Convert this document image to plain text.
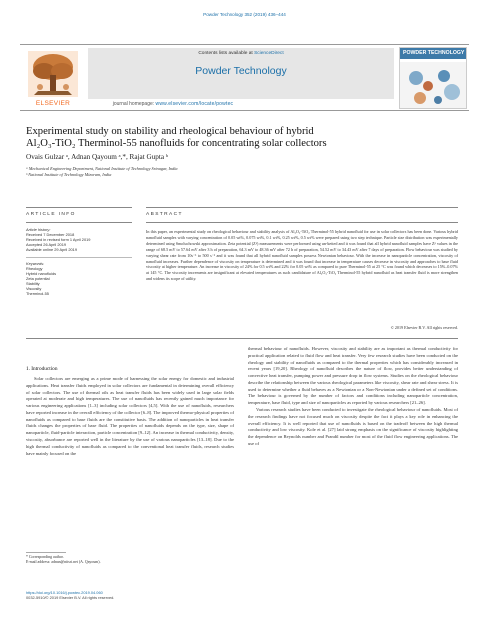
Powder Technology 352 (2019) 436–444
ELSEVIER
Contents lists available at ScienceDirect
Powder Technology
journal homepage: www.elsevier.com/locate/powtec
POWDER TECHNOLOGY
Experimental study on stability and rheological behaviour of hybrid
Al₂O₃-TiO₂ Therminol-55 nanofluids for concentrating solar collectors
Ovais Gulzar ᵃ, Adnan Qayoum ᵃ,*, Rajat Gupta ᵇ
ᵃ Mechanical Engineering Department, National Institute of Technology Srinagar, India
ᵇ National Institute of Technology Mizoram, India
ARTICLE INFO	ABSTRACT
Article history:
Received 7 December 2018
Received in revised form 1 April 2019
Accepted 26 April 2019
Available online 29 April 2019
Keywords:
Rheology
Hybrid nanofluids
Zeta potential
Stability
Viscosity
Therminol-55
In this paper, an experimental study on rheological behaviour and stability analysis of Al₂O₃-TiO₂ Therminol-55 hybrid nanofluid for use in solar collectors has been done. Various hybrid nanofluid samples with varying concentration of 0.05 wt%, 0.075 wt%, 0.1 wt%, 0.25 wt%, 0.5 wt% were prepared using two step technique. Particle size distribution was experimentally determined using Smoluchowski approximation. Zeta potential (Zᵖ) measurements were performed using un-ketted and it was found that all hybrid nanofluid samples have Zᵖ values in the range of 68.5 mV to 57.64 mV after 3 h of preparation, 64.3 mV to 48.36 mV after 72 h of preparation, 54.52 mV to 34.43 mV after 7 days of preparation. Flow behaviour was studied by varying shear rate from 10s⁻¹ to 500 s⁻¹ and it was found that all hybrid nanofluid samples possess Newtonian behaviour. With the increase in nanoparticle concentration, viscosity of nanofluid increases. Further dependence of viscosity on temperature is determined and it was found that increase in temperature causes decrease in viscosity and approaches to base fluid viscosity at higher temperature. An increase in viscosity of 24% for 0.5 wt% and 22% for 0.05 wt% as compared to pure Therminol-55 at 25 °C was found which decreases to 15%–0.07% at 145 °C. The viscosity increments are insignificant at elevated temperatures as such candidature of Al₂O₃-TiO₂ Therminol-55 hybrid nanofluid as heat transfer fluid is more strengthen and widens its scope of utility.
© 2019 Elsevier B.V. All rights reserved.
1. Introduction

Solar collectors are emerging as a prime mode of harnessing the solar energy for domestic and industrial applications. Heat transfer fluids employed in solar collectors are fundamental in determining overall efficiency of solar collectors. The use of thermal oils as heat transfer fluids has been widely used in large solar fields operated at moderate and high temperatures. The use of nanofluids has recently gained much importance for various engineering applications [1–3] including solar collectors [4,5]. With the use of nanofluids, researchers have reported increase in the overall efficiency of the collector [6–8]. The improved thermo-physical properties of nanofluids as compared to base fluids are the constitutive basis. The addition of nanoparticles in heat transfer fluids changes the properties of base fluid. The properties of nanofluids depends on the type, size, shape of nanoparticle, fluid-particle interaction, particle concentration [9–12]. An increase in thermal conductivity, density, viscosity, absorbance are reported well in the literature by the use of various nanoparticles [13–18]. Due to the high thermal conductivity of nanofluids as compared to the conventional heat transfer fluids, research studies have mainly focused on the

thermal behaviour of nanofluids. However, viscosity and stability are as important as thermal conductivity for practical application related to fluid flow and heat transfer. Very few research studies have been conducted on the rheology and stability of nanofluids as compared to the thermal properties which has considerably increased in recent years [19,20]. Rheology of nanofluid describes the nature of flow, provides better understanding of convective heat transfer, pumping power and pressure drop in flow systems. Studies on the rheological behaviour describe the relationship between the various rheological parameters like viscosity, shear rate and shear stress. It is used to determine whether a fluid behaves as a Newtonian or a Non-Newtonian under a defined set of conditions. The behaviour is governed by the number of factors and conditions including nanoparticle concentration, temperature, base fluid, type and size of nanoparticles as reported by various researchers [21–26].

Various research studies have been conducted to investigate the rheological behaviour of nanofluids. Most of the research findings have not focused much on viscosity despite the fact it plays a key role in enhancing the overall efficiency. It is well reported that use of nanofluids is based on the tradeoff between the high thermal conductivity and low viscosity. Kole et al. [27] laid strong emphasis on the significance of viscosity highlighting the dependence on Reynolds number and Prandtl number for most of the fluid flow engineering applications. The use of

* Corresponding author.
E-mail address: adnan@nitsri.net (A. Qayoum).
https://doi.org/10.1016/j.powtec.2019.04.060
0032-5910/© 2019 Elsevier B.V. All rights reserved.
